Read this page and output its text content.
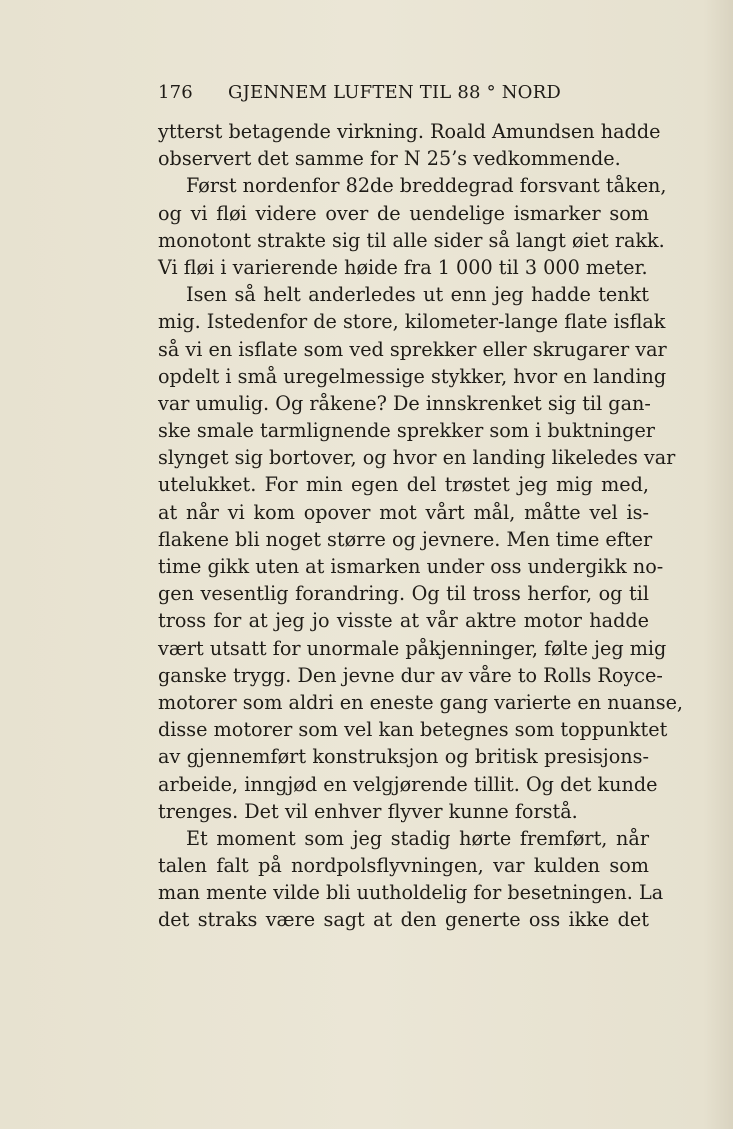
176 GJENNEM LUFTEN TIL 88 ° NORD
ytterst betagende virkning. Roald Amundsen hadde
observert det samme for N 25’s vedkommende.
Først nordenfor 82de breddegrad forsvant tåken,
og vi fløi videre over de uendelige ismarker som
monotont strakte sig til alle sider så langt øiet rakk.
Vi fløi i varierende høide fra 1 000 til 3 000 meter.
Isen så helt anderledes ut enn jeg hadde tenkt
mig. Istedenfor de store, kilometer-lange flate isflak
så vi en isflate som ved sprekker eller skrugarer var
opdelt i små uregelmessige stykker, hvor en landing
var umulig. Og råkene? De innskrenket sig til gan-
ske smale tarmlignende sprekker som i buktninger
slynget sig bortover, og hvor en landing likeledes var
utelukket. For min egen del trøstet jeg mig med,
at når vi kom opover mot vårt mål, måtte vel is-
flakene bli noget større og jevnere. Men time efter
time gikk uten at ismarken under oss undergikk no-
gen vesentlig forandring. Og til tross herfor, og til
tross for at jeg jo visste at vår aktre motor hadde
vært utsatt for unormale påkjenninger, følte jeg mig
ganske trygg. Den jevne dur av våre to Rolls Royce-
motorer som aldri en eneste gang varierte en nuanse,
disse motorer som vel kan betegnes som toppunktet
av gjennemført konstruksjon og britisk presisjons-
arbeide, inngjød en velgjørende tillit. Og det kunde
trenges. Det vil enhver flyver kunne forstå.
Et moment som jeg stadig hørte fremført, når
talen falt på nordpolsflyvningen, var kulden som
man mente vilde bli uutholdelig for besetningen. La
det straks være sagt at den generte oss ikke det
